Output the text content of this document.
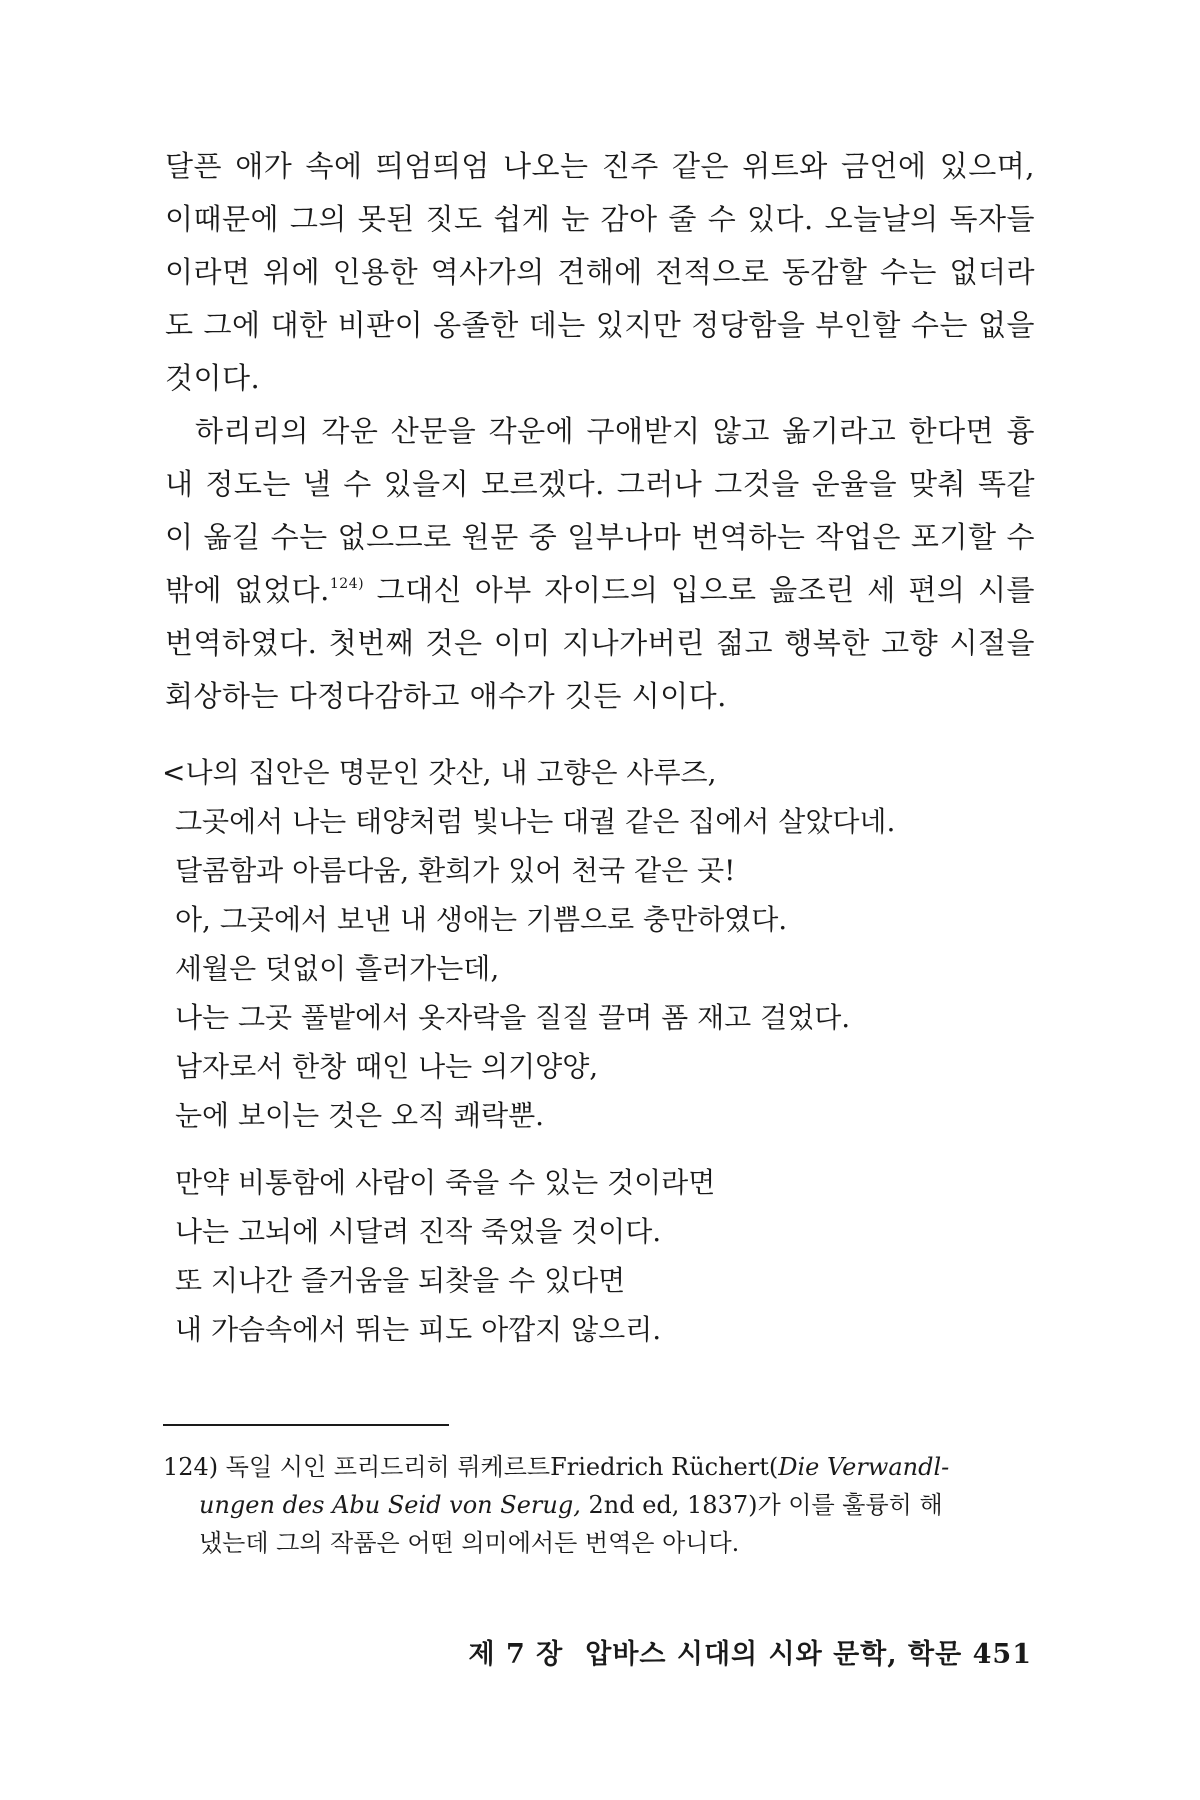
달픈 애가 속에 띄엄띄엄 나오는 진주 같은 위트와 금언에 있으며, 이때문에 그의 못된 짓도 쉽게 눈 감아 줄 수 있다. 오늘날의 독자들이라면 위에 인용한 역사가의 견해에 전적으로 동감할 수는 없더라도 그에 대한 비판이 옹졸한 데는 있지만 정당함을 부인할 수는 없을 것이다.

하리리의 각운 산문을 각운에 구애받지 않고 옮기라고 한다면 흉내 정도는 낼 수 있을지 모르겠다. 그러나 그것을 운율을 맞춰 똑같이 옮길 수는 없으므로 원문 중 일부나마 번역하는 작업은 포기할 수밖에 없었다.$^{124)}$ 그대신 아부 자이드의 입으로 읊조린 세 편의 시를 번역하였다. 첫번째 것은 이미 지나가버린 젊고 행복한 고향 시절을 회상하는 다정다감하고 애수가 깃든 시이다.

<나의 집안은 명문인 갓산, 내 고향은 사루즈,
그곳에서 나는 태양처럼 빛나는 대궐 같은 집에서 살았다네.
달콤함과 아름다움, 환희가 있어 천국 같은 곳!
아, 그곳에서 보낸 내 생애는 기쁨으로 충만하였다.
세월은 덧없이 흘러가는데,
나는 그곳 풀밭에서 옷자락을 질질 끌며 폼 재고 걸었다.
남자로서 한창 때인 나는 의기양양,
눈에 보이는 것은 오직 쾌락뿐.
만약 비통함에 사람이 죽을 수 있는 것이라면
나는 고뇌에 시달려 진작 죽었을 것이다.
또 지나간 즐거움을 되찾을 수 있다면
내 가슴속에서 뛰는 피도 아깝지 않으리.
124) 독일 시인 프리드리히 뤼케르트Friedrich Rüchert(Die Verwandl-
ungen des Abu Seid von Serug, 2nd ed, 1837)가 이를 훌륭히 해
냈는데 그의 작품은 어떤 의미에서든 번역은 아니다.
제 7 장 압바스 시대의 시와 문학, 학문 451
